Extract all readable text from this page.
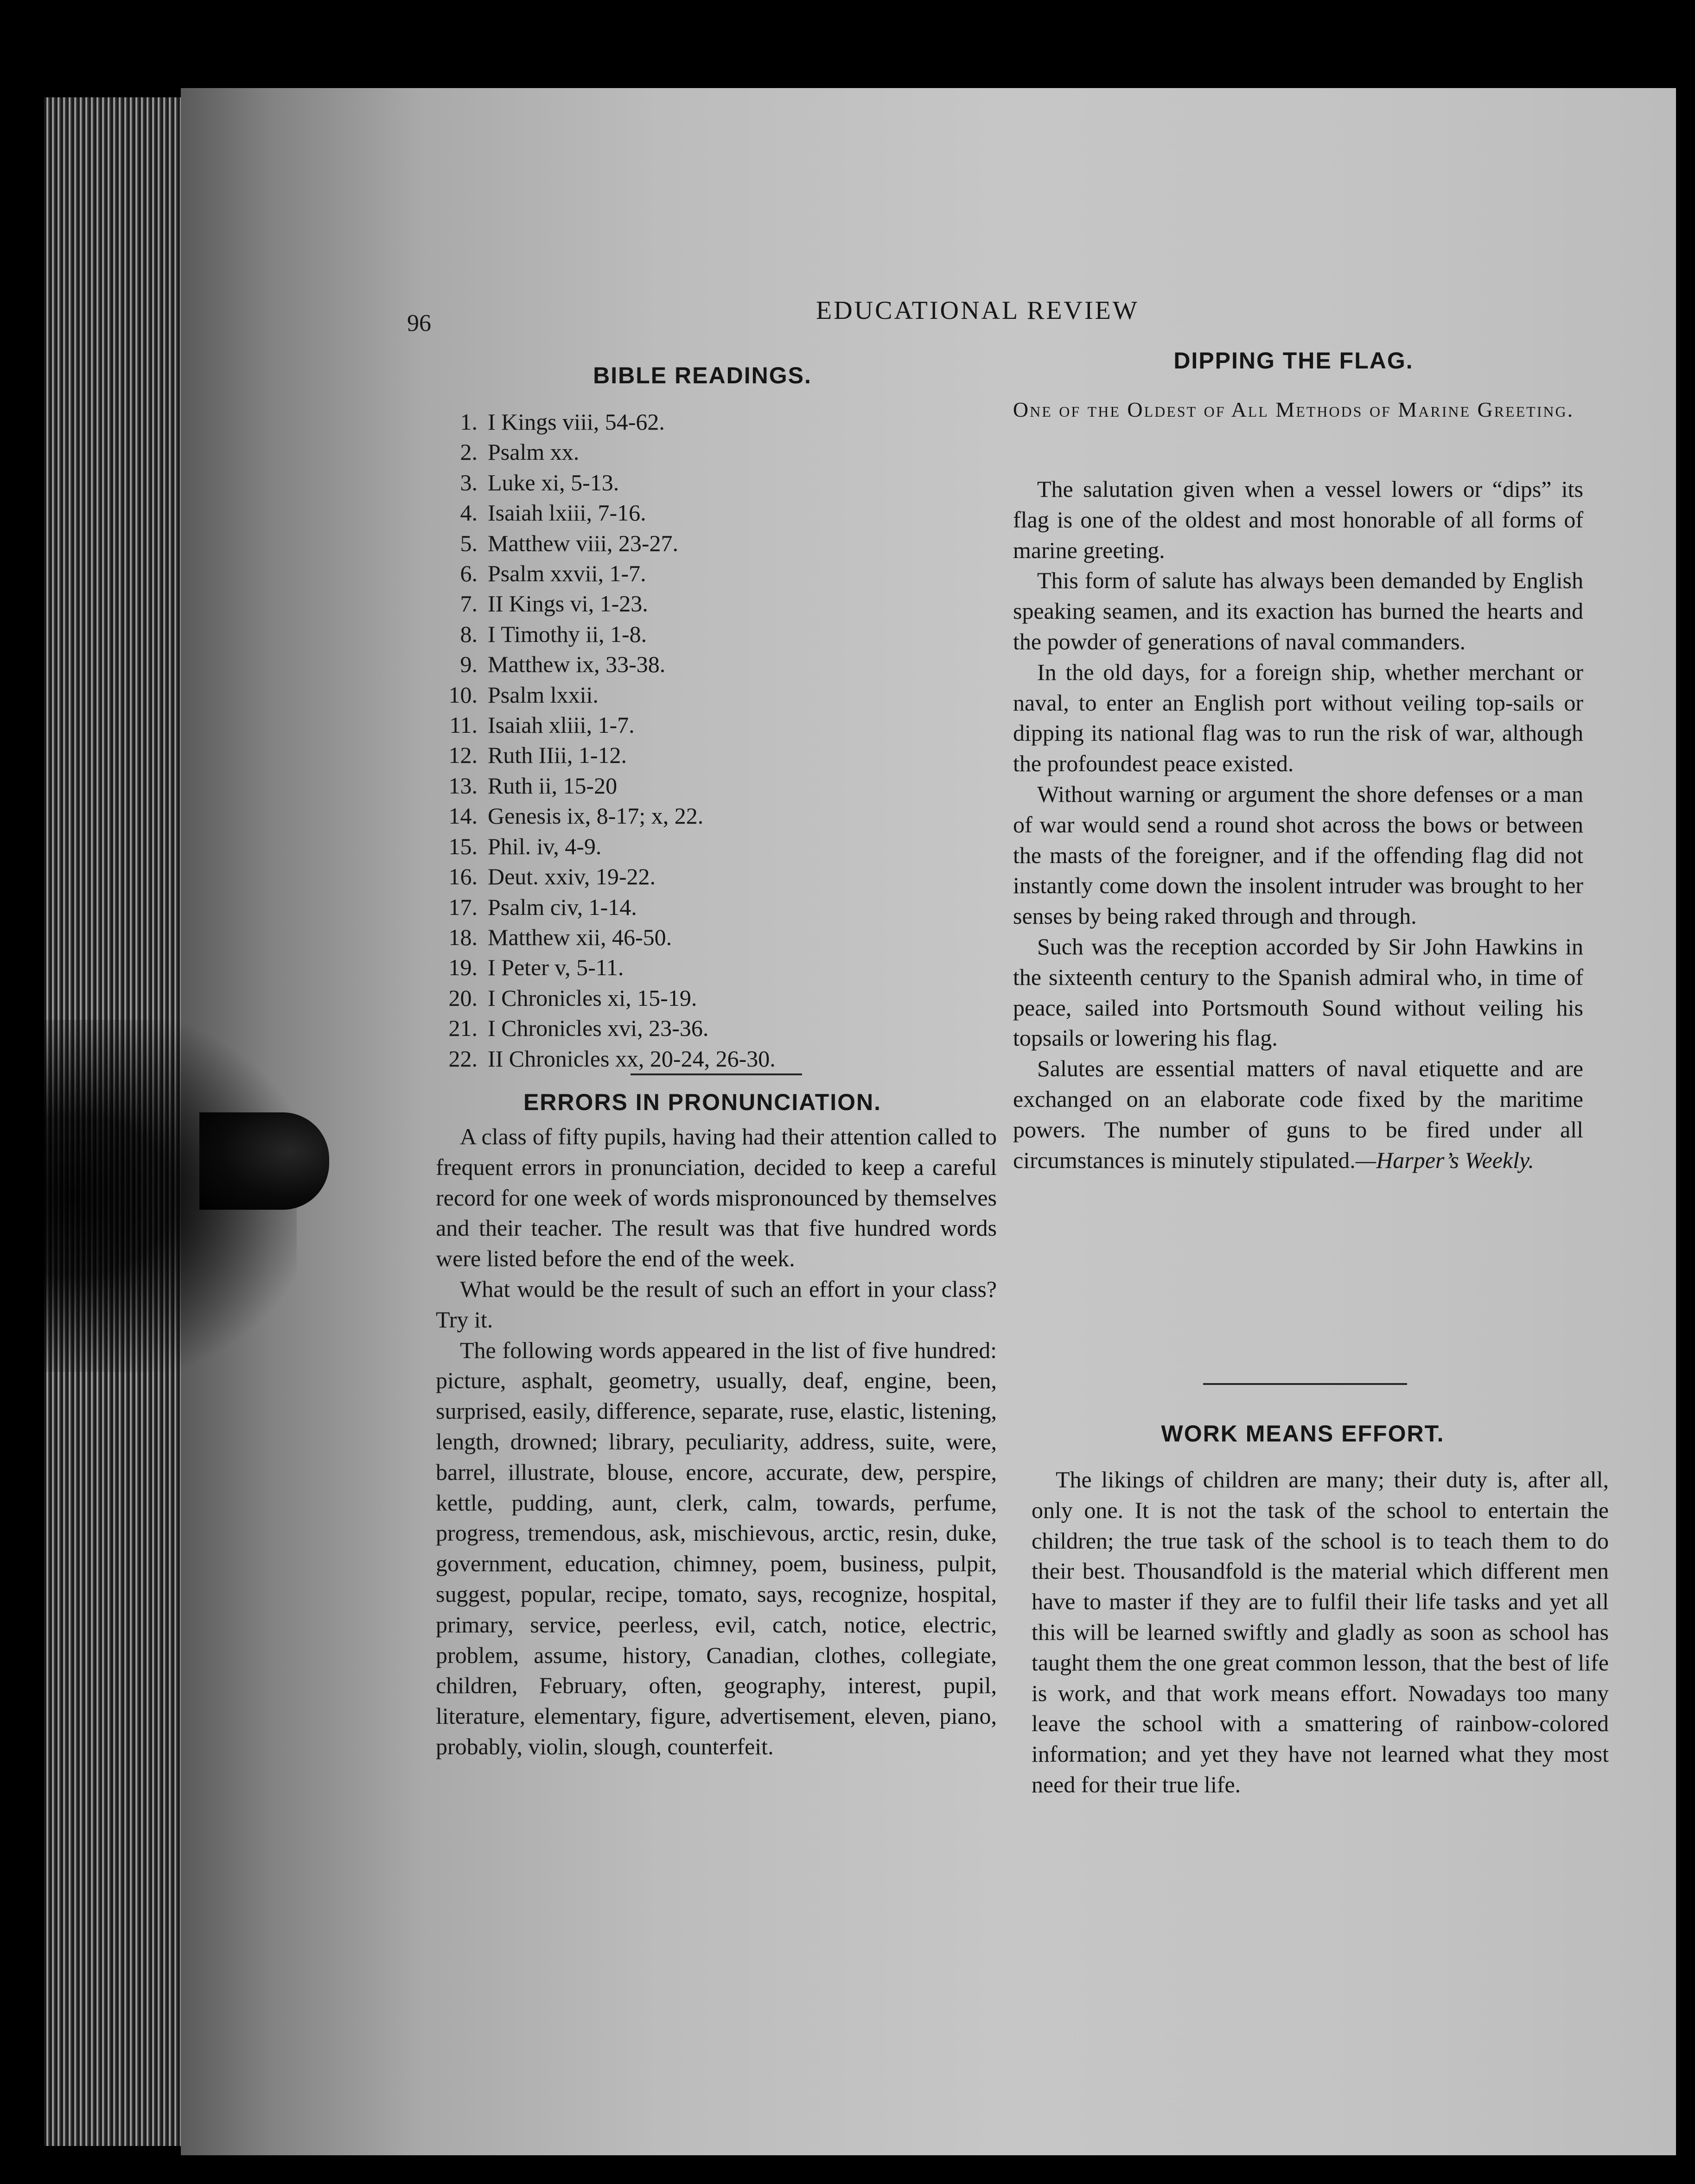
96	EDUCATIONAL REVIEW
BIBLE READINGS.
1. I Kings viii, 54-62.
2. Psalm xx.
3. Luke xi, 5-13.
4. Isaiah lxiii, 7-16.
5. Matthew viii, 23-27.
6. Psalm xxvii, 1-7.
7. II Kings vi, 1-23.
8. I Timothy ii, 1-8.
9. Matthew ix, 33-38.
10. Psalm lxxii.
11. Isaiah xliii, 1-7.
12. Ruth IIii, 1-12.
13. Ruth ii, 15-20
14. Genesis ix, 8-17; x, 22.
15. Phil. iv, 4-9.
16. Deut. xxiv, 19-22.
17. Psalm civ, 1-14.
18. Matthew xii, 46-50.
19. I Peter v, 5-11.
20. I Chronicles xi, 15-19.
21. I Chronicles xvi, 23-36.
22. II Chronicles xx, 20-24, 26-30.
ERRORS IN PRONUNCIATION.

A class of fifty pupils, having had their attention called to frequent errors in pronunciation, decided to keep a careful record for one week of words mispronounced by themselves and their teacher. The result was that five hundred words were listed before the end of the week.

What would be the result of such an effort in your class? Try it.

The following words appeared in the list of five hundred: picture, asphalt, geometry, usually, deaf, engine, been, surprised, easily, difference, separate, ruse, elastic, listening, length, drowned; library, peculiarity, address, suite, were, barrel, illustrate, blouse, encore, accurate, dew, perspire, kettle, pudding, aunt, clerk, calm, towards, perfume, progress, tremendous, ask, mischievous, arctic, resin, duke, government, education, chimney, poem, business, pulpit, suggest, popular, recipe, tomato, says, recognize, hospital, primary, service, peerless, evil, catch, notice, electric, problem, assume, history, Canadian, clothes, collegiate, children, February, often, geography, interest, pupil, literature, elementary, figure, advertisement, eleven, piano, probably, violin, slough, counterfeit.

DIPPING THE FLAG.

One of the Oldest of All Methods of Marine Greeting.

The salutation given when a vessel lowers or “dips” its flag is one of the oldest and most honorable of all forms of marine greeting.

This form of salute has always been demanded by English speaking seamen, and its exaction has burned the hearts and the powder of generations of naval commanders.

In the old days, for a foreign ship, whether merchant or naval, to enter an English port without veiling top-sails or dipping its national flag was to run the risk of war, although the profoundest peace existed.

Without warning or argument the shore defenses or a man of war would send a round shot across the bows or between the masts of the foreigner, and if the offending flag did not instantly come down the insolent intruder was brought to her senses by being raked through and through.

Such was the reception accorded by Sir John Hawkins in the sixteenth century to the Spanish admiral who, in time of peace, sailed into Portsmouth Sound without veiling his topsails or lowering his flag.

Salutes are essential matters of naval etiquette and are exchanged on an elaborate code fixed by the maritime powers. The number of guns to be fired under all circumstances is minutely stipulated.—Harper’s Weekly.

WORK MEANS EFFORT.

The likings of children are many; their duty is, after all, only one. It is not the task of the school to entertain the children; the true task of the school is to teach them to do their best. Thousandfold is the material which different men have to master if they are to fulfil their life tasks and yet all this will be learned swiftly and gladly as soon as school has taught them the one great common lesson, that the best of life is work, and that work means effort. Nowadays too many leave the school with a smattering of rainbow-colored information; and yet they have not learned what they most need for their true life.
